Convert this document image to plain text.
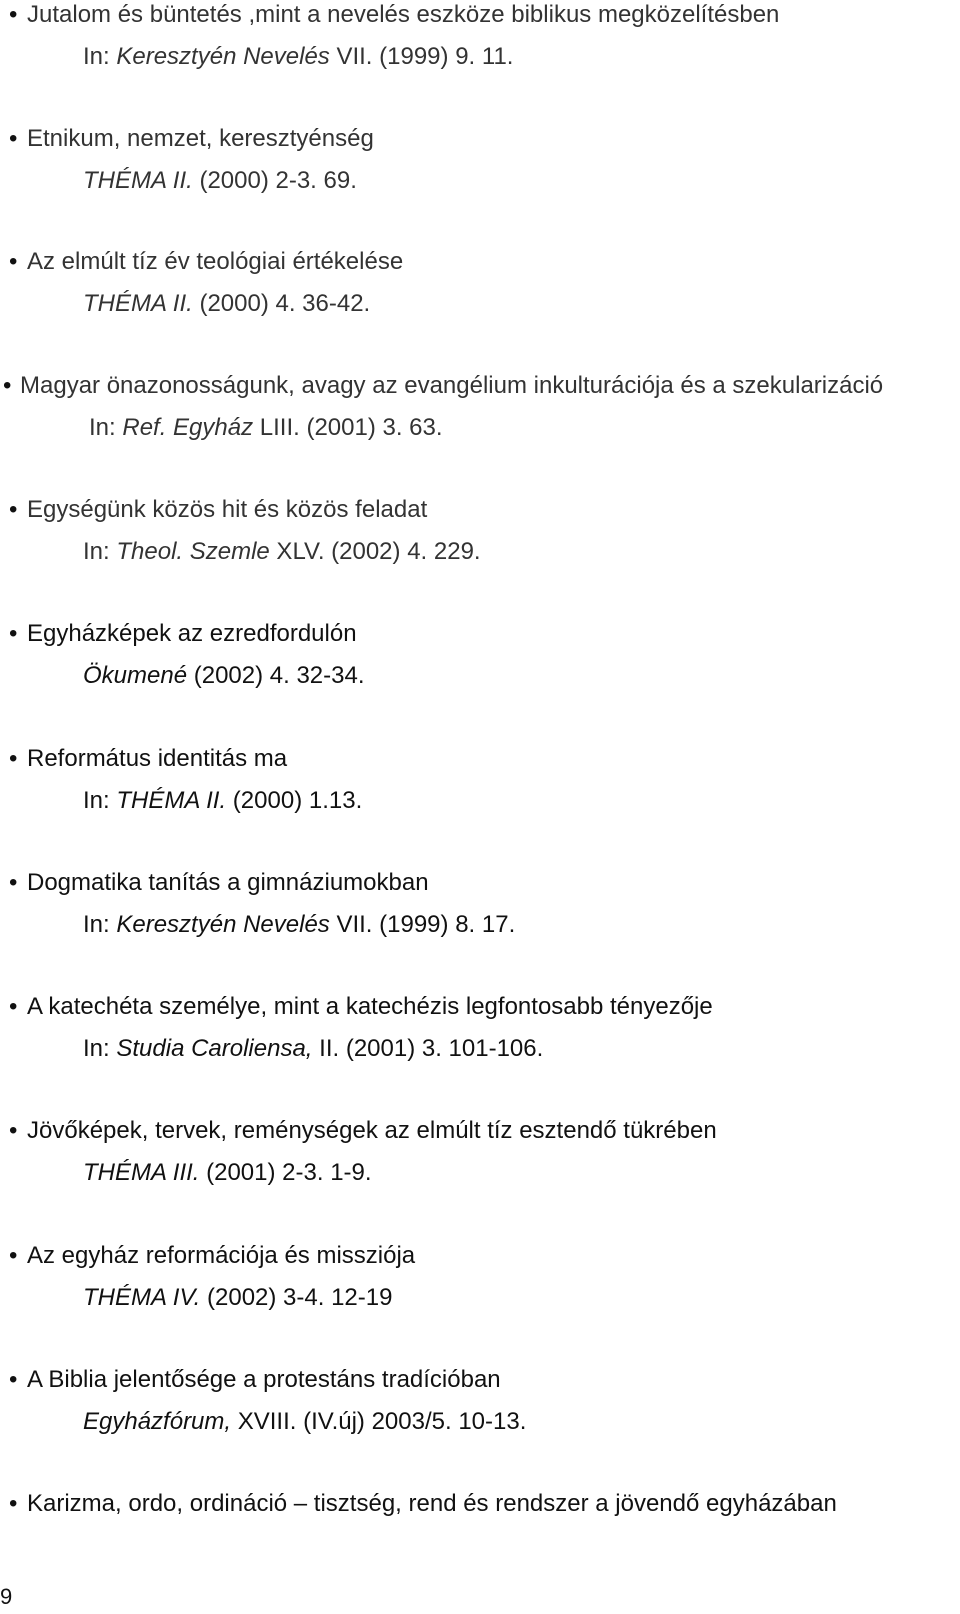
• Jutalom és büntetés ,mint a nevelés eszköze biblikus megközelítésben
In: Keresztyén Nevelés VII. (1999) 9. 11.
• Etnikum, nemzet, keresztyénség
THÉMA II. (2000) 2-3. 69.
• Az elmúlt tíz év teológiai értékelése
THÉMA II. (2000) 4. 36-42.
• Magyar önazonosságunk, avagy az evangélium inkulturációja és a szekularizáció
In: Ref. Egyház LIII. (2001) 3. 63.
• Egységünk közös hit és közös feladat
In: Theol. Szemle XLV. (2002) 4. 229.
• Egyházképek az ezredfordulón
Ökumené (2002) 4. 32-34.
• Református identitás ma
In: THÉMA II. (2000) 1.13.
• Dogmatika tanítás a gimnáziumokban
In: Keresztyén Nevelés VII. (1999) 8. 17.
• A katechéta személye, mint a katechézis legfontosabb tényezője
In: Studia Caroliensa, II. (2001) 3. 101-106.
• Jövőképek, tervek, reménységek az elmúlt tíz esztendő tükrében
THÉMA III. (2001) 2-3. 1-9.
• Az egyház reformációja és missziója
THÉMA IV. (2002) 3-4. 12-19
• A Biblia jelentősége a protestáns tradícióban
Egyházfórum, XVIII. (IV.új) 2003/5. 10-13.
• Karizma, ordo, ordináció – tisztség, rend és rendszer a jövendő egyházában
9
